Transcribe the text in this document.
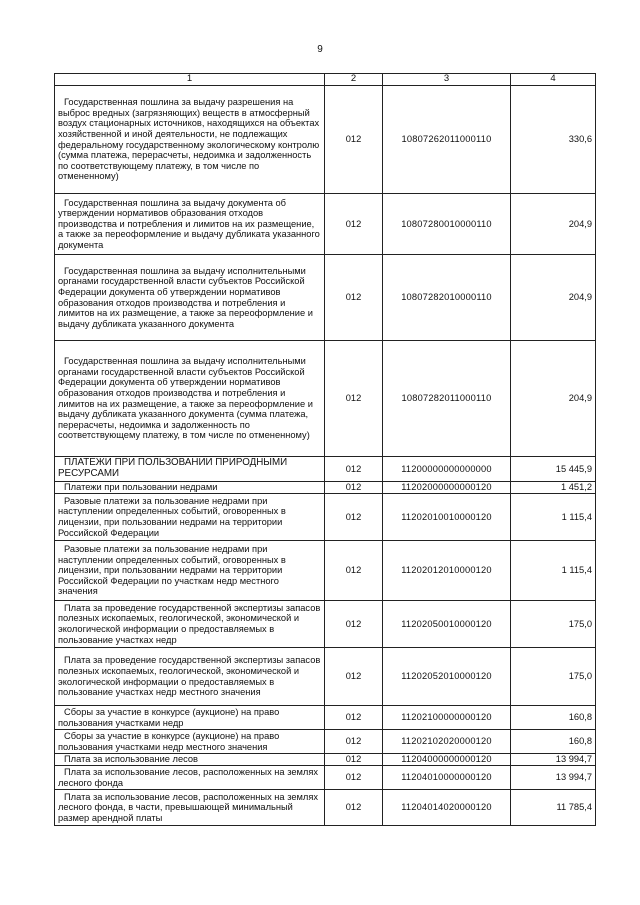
9
1	2	3	4
Государственная пошлина за выдачу разрешения на выброс вредных (загрязняющих) веществ в атмосферный воздух стационарных источников, находящихся на объектах хозяйственной и иной деятельности, не подлежащих федеральному государственному экологическому контролю (сумма платежа, перерасчеты, недоимка и задолженность по соответствующему платежу, в том числе по отмененному)	012	10807262011000110	330,6
Государственная пошлина за выдачу документа об утверждении нормативов образования отходов производства и потребления и лимитов на их размещение, а также за переоформление и выдачу дубликата указанного документа	012	10807280010000110	204,9
Государственная пошлина за выдачу исполнительными органами государственной власти субъектов Российской Федерации документа об утверждении нормативов образования отходов производства и потребления и лимитов на их размещение, а также за переоформление и выдачу дубликата указанного документа	012	10807282010000110	204,9
Государственная пошлина за выдачу исполнительными органами государственной власти субъектов Российской Федерации документа об утверждении нормативов образования отходов производства и потребления и лимитов на их размещение, а также за переоформление и выдачу дубликата указанного документа (сумма платежа, перерасчеты, недоимка и задолженность по соответствующему платежу, в том числе по отмененному)	012	10807282011000110	204,9
ПЛАТЕЖИ ПРИ ПОЛЬЗОВАНИИ ПРИРОДНЫМИ РЕСУРСАМИ	012	11200000000000000	15 445,9
Платежи при пользовании недрами	012	11202000000000120	1 451,2
Разовые платежи за пользование недрами при наступлении определенных событий, оговоренных в лицензии, при пользовании недрами на территории Российской Федерации	012	11202010010000120	1 115,4
Разовые платежи за пользование недрами при наступлении определенных событий, оговоренных в лицензии, при пользовании недрами на территории Российской Федерации по участкам недр местного значения	012	11202012010000120	1 115,4
Плата за проведение государственной экспертизы запасов полезных ископаемых, геологической, экономической и экологической информации о предоставляемых в пользование участках недр	012	11202050010000120	175,0
Плата за проведение государственной экспертизы запасов полезных ископаемых, геологической, экономической и экологической информации о предоставляемых в пользование участках недр местного значения	012	11202052010000120	175,0
Сборы за участие в конкурсе (аукционе) на право пользования участками недр	012	11202100000000120	160,8
Сборы за участие в конкурсе (аукционе) на право пользования участками недр местного значения	012	11202102020000120	160,8
Плата за использование лесов	012	11204000000000120	13 994,7
Плата за использование лесов, расположенных на землях лесного фонда	012	11204010000000120	13 994,7
Плата за использование лесов, расположенных на землях лесного фонда, в части, превышающей минимальный размер арендной платы	012	11204014020000120	11 785,4
